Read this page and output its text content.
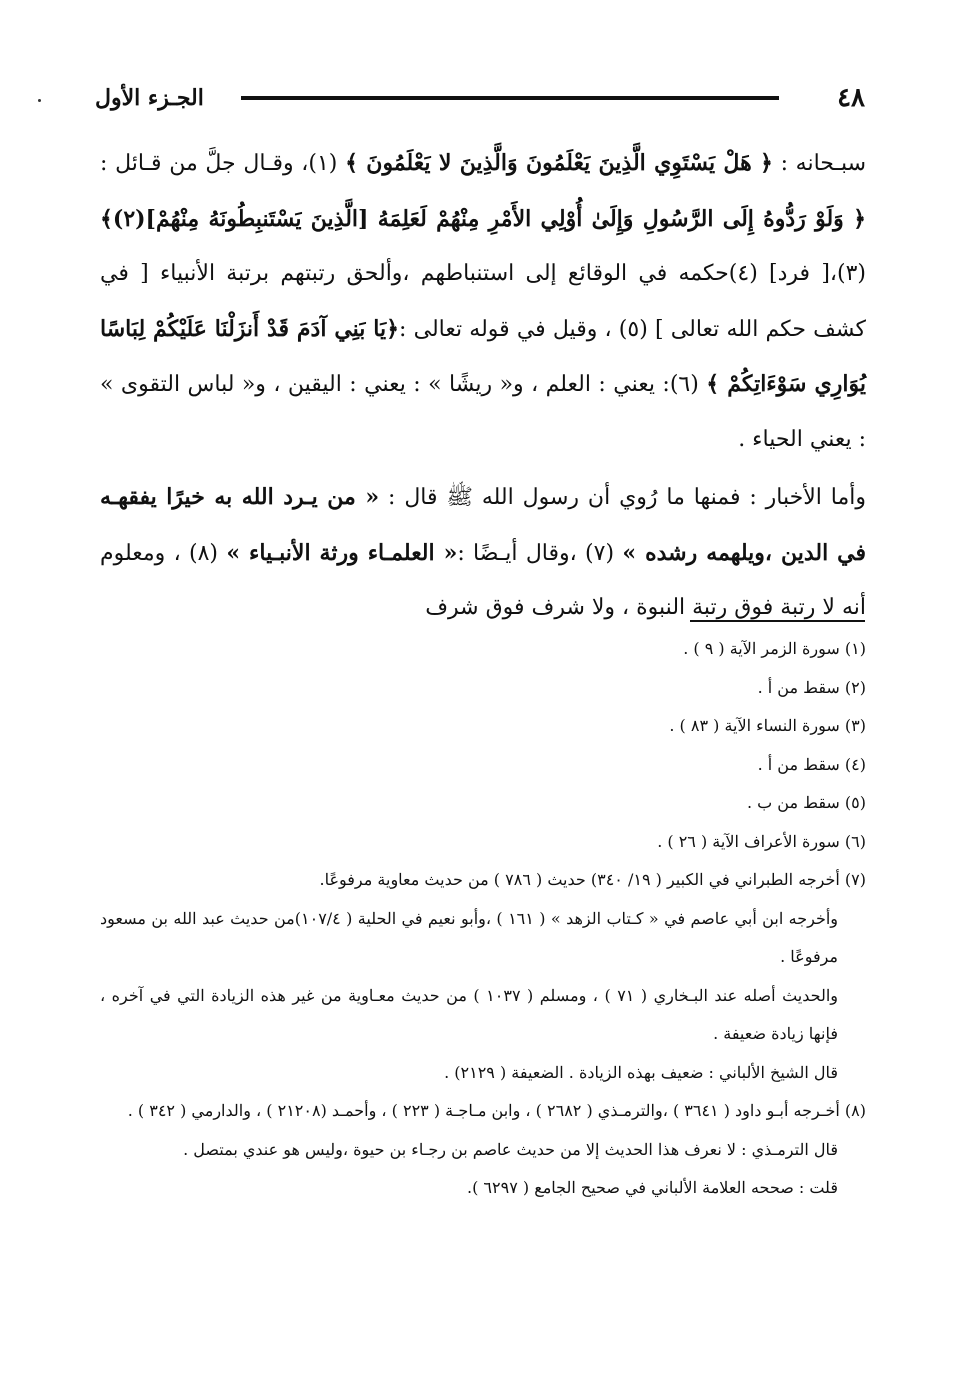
٤٨
الجـزء الأول

سبـحانه : ﴿ هَلْ يَسْتَوِي الَّذِينَ يَعْلَمُونَ وَالَّذِينَ لا يَعْلَمُونَ ﴾ (١)، وقـال جلَّ من قـائل : ﴿ وَلَوْ رَدُّوهُ إِلَى الرَّسُولِ وَإِلَىٰ أُوْلِي الأَمْرِ مِنْهُمْ لَعَلِمَهُ [الَّذِينَ يَسْتَنبِطُونَهُ مِنْهُمْ](٢)﴾ (٣)،[ فرد] (٤)حكمه في الوقائع إلى استنباطهم ،وألحق رتبتهم برتبة الأنبياء [ في كشف حكم الله تعالى ] (٥) ، وقيل في قوله تعالى :﴿يَا بَنِي آدَمَ قَدْ أَنزَلْنَا عَلَيْكُمْ لِبَاسًا يُوَارِي سَوْءَاتِكُمْ ﴾ (٦): يعني : العلم ، و« ريشًا » : يعني : اليقين ، و« لباس التقوى » : يعني الحياء .

وأما الأخبار : فمنها ما رُوي أن رسول الله ﷺ قال : « من يـرد الله به خيرًا يفقهـه في الدين ،ويلهمه رشده » (٧) ،وقال أيـضًا :« العلمـاء ورثة الأنبـياء » (٨) ، ومعلوم أنه لا رتبة فوق رتبة النبوة ، ولا شرف فوق شرف

(١) سورة الزمر الآية ( ٩ ) .

(٢) سقط من أ .

(٣) سورة النساء الآية ( ٨٣ ) .

(٤) سقط من أ .

(٥) سقط من ب .

(٦) سورة الأعراف الآية ( ٢٦ ) .

(٧) أخرجه الطبراني في الكبير ( ١٩/ ٣٤٠) حديث ( ٧٨٦ ) من حديث معاوية مرفوعًا.

وأخرجه ابن أبي عاصم في « كـتاب الزهد » ( ١٦١ ) ،وأبو نعيم في الحلية ( ١٠٧/٤)من حديث عبد الله بن مسعود مرفوعًا .

والحديث أصله عند البـخاري ( ٧١ ) ، ومسلم ( ١٠٣٧ ) من حديث معـاوية من غير هذه الزيادة التي في آخره ، فإنها زيادة ضعيفة .

قال الشيخ الألباني : ضعيف بهذه الزيادة . الضعيفة ( ٢١٢٩) .

(٨) أخـرجه أبـو داود ( ٣٦٤١ ) ،والترمـذي ( ٢٦٨٢ ) ، وابن مـاجـة ( ٢٢٣ ) ، وأحمـد (٢١٢٠٨ ) ، والدارمي ( ٣٤٢ ) .

قال الترمـذي : لا نعرف هذا الحديث إلا من حديث عاصم بن رجـاء بن حيوة ،وليس هو عندي بمتصل .

قلت : صححه العلامة الألباني في صحيح الجامع ( ٦٢٩٧ ).
